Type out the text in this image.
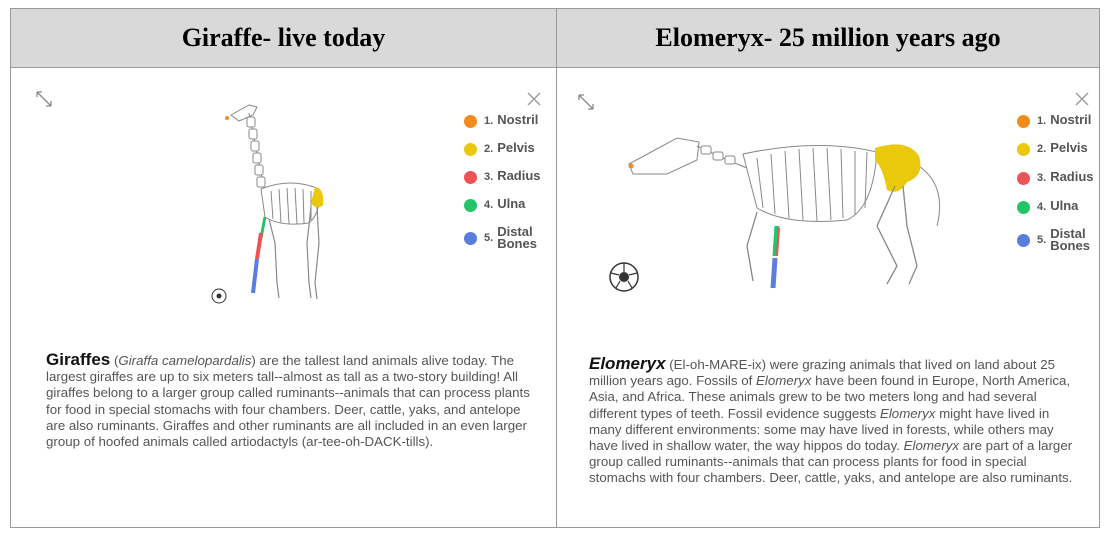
Giraffe- live today	Elomeryx- 25 million years ago
1. Nostril
2. Pelvis
3. Radius
4. Ulna
5. Distal Bones
Giraffes (Giraffa camelopardalis) are the tallest land animals alive today. The largest giraffes are up to six meters tall--almost as tall as a two-story building! All giraffes belong to a larger group called ruminants--animals that can process plants for food in special stomachs with four chambers. Deer, cattle, yaks, and antelope are also ruminants. Giraffes and other ruminants are all included in an even larger group of hoofed animals called artiodactyls (ar-tee-oh-DACK-tills).
1. Nostril
2. Pelvis
3. Radius
4. Ulna
5. Distal Bones
Elomeryx (El-oh-MARE-ix) were grazing animals that lived on land about 25 million years ago. Fossils of Elomeryx have been found in Europe, North America, Asia, and Africa. These animals grew to be two meters long and had several different types of teeth. Fossil evidence suggests Elomeryx might have lived in many different environments: some may have lived in forests, while others may have lived in shallow water, the way hippos do today. Elomeryx are part of a larger group called ruminants--animals that can process plants for food in special stomachs with four chambers. Deer, cattle, yaks, and antelope are also ruminants.
